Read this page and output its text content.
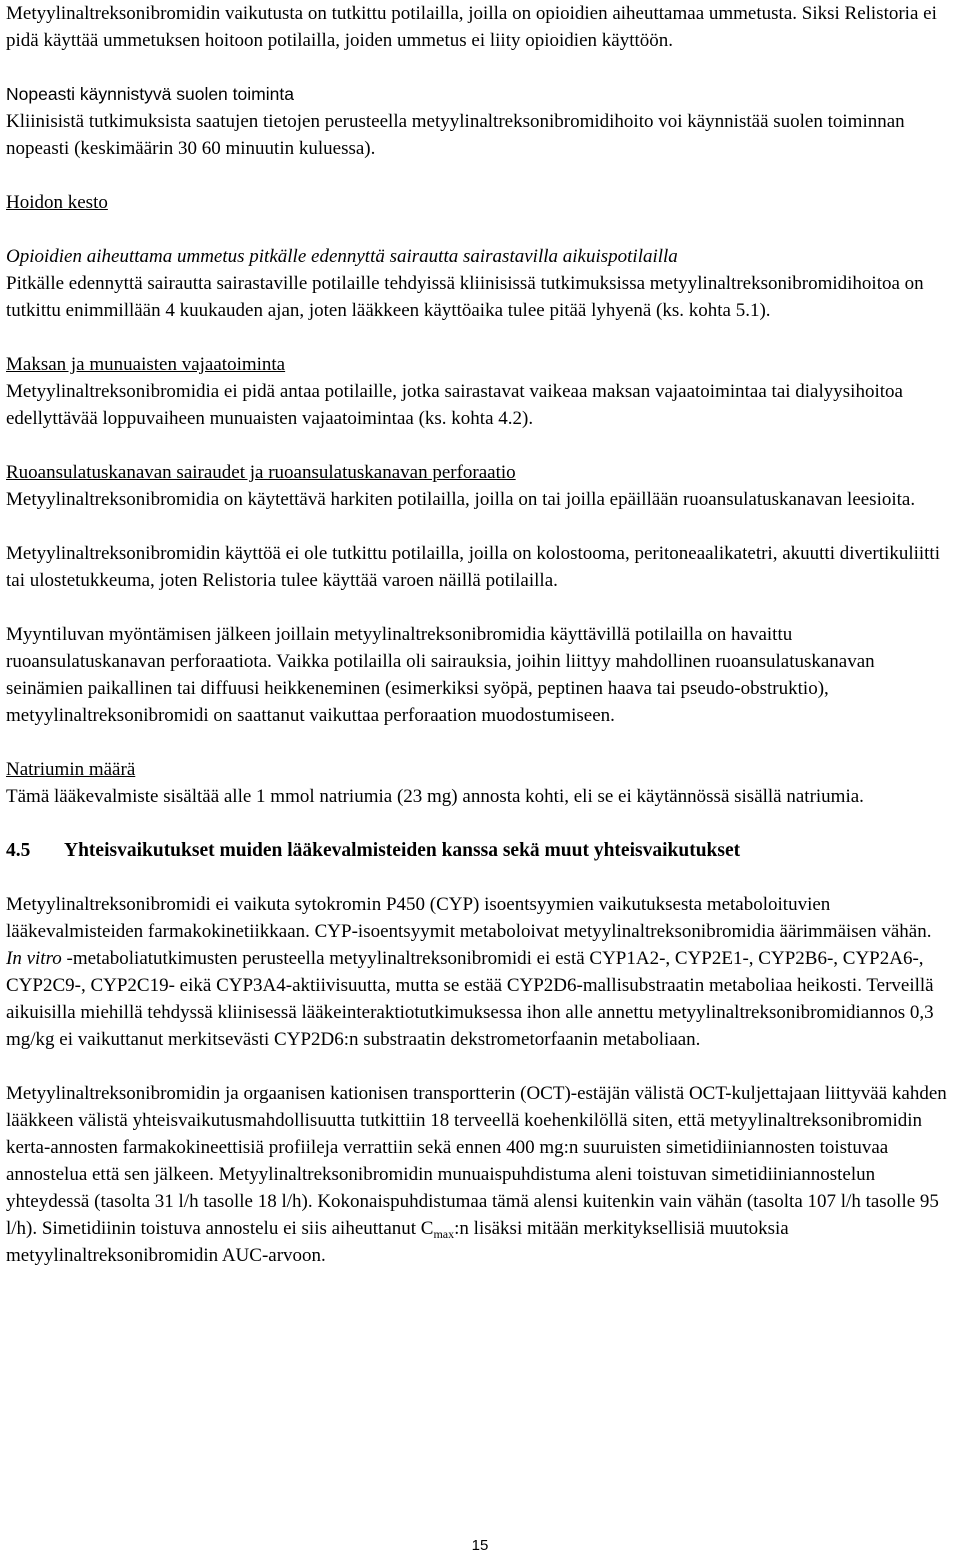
Metyylinaltreksonibromidin vaikutusta on tutkittu potilailla, joilla on opioidien aiheuttamaa ummetusta. Siksi Relistoria ei pidä käyttää ummetuksen hoitoon potilailla, joiden ummetus ei liity opioidien käyttöön.

Nopeasti käynnistyvä suolen toiminta

Kliinisistä tutkimuksista saatujen tietojen perusteella metyylinaltreksonibromidihoito voi käynnistää suolen toiminnan nopeasti (keskimäärin 30 60 minuutin kuluessa).

Hoidon kesto

Opioidien aiheuttama ummetus pitkälle edennyttä sairautta sairastavilla aikuispotilailla

Pitkälle edennyttä sairautta sairastaville potilaille tehdyissä kliinisissä tutkimuksissa metyylinaltreksonibromidihoitoa on tutkittu enimmillään 4 kuukauden ajan, joten lääkkeen käyttöaika tulee pitää lyhyenä (ks. kohta 5.1).

Maksan ja munuaisten vajaatoiminta

Metyylinaltreksonibromidia ei pidä antaa potilaille, jotka sairastavat vaikeaa maksan vajaatoimintaa tai dialyysihoitoa edellyttävää loppuvaiheen munuaisten vajaatoimintaa (ks. kohta 4.2).

Ruoansulatuskanavan sairaudet ja ruoansulatuskanavan perforaatio

Metyylinaltreksonibromidia on käytettävä harkiten potilailla, joilla on tai joilla epäillään ruoansulatuskanavan leesioita.

Metyylinaltreksonibromidin käyttöä ei ole tutkittu potilailla, joilla on kolostooma, peritoneaalikatetri, akuutti divertikuliitti tai ulostetukkeuma, joten Relistoria tulee käyttää varoen näillä potilailla.

Myyntiluvan myöntämisen jälkeen joillain metyylinaltreksonibromidia käyttävillä potilailla on havaittu ruoansulatuskanavan perforaatiota. Vaikka potilailla oli sairauksia, joihin liittyy mahdollinen ruoansulatuskanavan seinämien paikallinen tai diffuusi heikkeneminen (esimerkiksi syöpä, peptinen haava tai pseudo-obstruktio), metyylinaltreksonibromidi on saattanut vaikuttaa perforaation muodostumiseen.

Natriumin määrä

Tämä lääkevalmiste sisältää alle 1 mmol natriumia (23 mg) annosta kohti, eli se ei käytännössä sisällä natriumia.

4.5	Yhteisvaikutukset muiden lääkevalmisteiden kanssa sekä muut yhteisvaikutukset

Metyylinaltreksonibromidi ei vaikuta sytokromin P450 (CYP) isoentsyymien vaikutuksesta metaboloituvien lääkevalmisteiden farmakokinetiikkaan. CYP-isoentsyymit metaboloivat metyylinaltreksonibromidia äärimmäisen vähän. In vitro -metaboliatutkimusten perusteella metyylinaltreksonibromidi ei estä CYP1A2-, CYP2E1-, CYP2B6-, CYP2A6-, CYP2C9-, CYP2C19- eikä CYP3A4-aktiivisuutta, mutta se estää CYP2D6-mallisubstraatin metaboliaa heikosti. Terveillä aikuisilla miehillä tehdyssä kliinisessä lääkeinteraktiotutkimuksessa ihon alle annettu metyylinaltreksonibromidiannos 0,3 mg/kg ei vaikuttanut merkitsevästi CYP2D6:n substraatin dekstrometorfaanin metaboliaan.

Metyylinaltreksonibromidin ja orgaanisen kationisen transportterin (OCT)-estäjän välistä OCT-kuljettajaan liittyvää kahden lääkkeen välistä yhteisvaikutusmahdollisuutta tutkittiin 18 terveellä koehenkilöllä siten, että metyylinaltreksonibromidin kerta-annosten farmakokineettisiä profiileja verrattiin sekä ennen 400 mg:n suuruisten simetidiiniannosten toistuvaa annostelua että sen jälkeen. Metyylinaltreksonibromidin munuaispuhdistuma aleni toistuvan simetidiiniannostelun yhteydessä (tasolta 31 l/h tasolle 18 l/h). Kokonaispuhdistumaa tämä alensi kuitenkin vain vähän (tasolta 107 l/h tasolle 95 l/h). Simetidiinin toistuva annostelu ei siis aiheuttanut $C_{max}:n$ lisäksi mitään merkityksellisiä muutoksia metyylinaltreksonibromidin AUC-arvoon.

15
